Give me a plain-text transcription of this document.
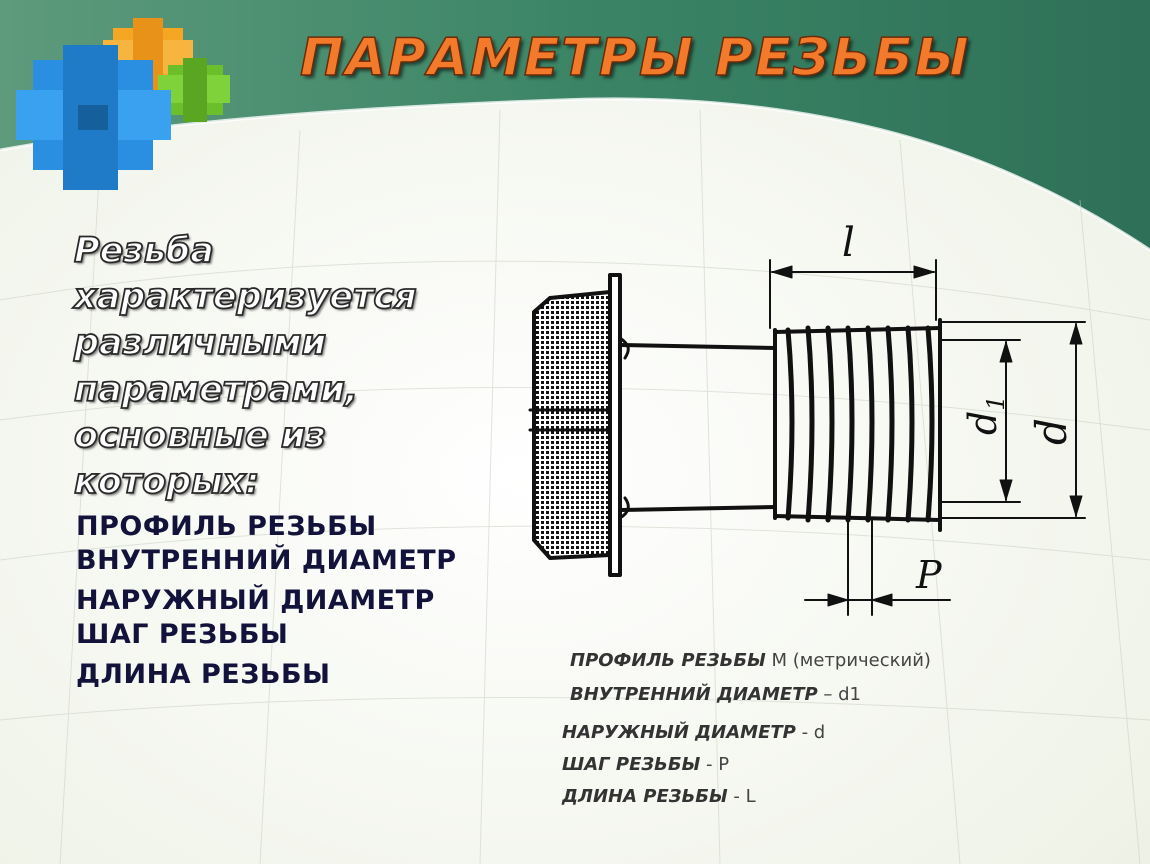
ПАРАМЕТРЫ РЕЗЬБЫ

Резьба характеризуется различными параметрами, основные из которых:

ПРОФИЛЬ РЕЗЬБЫ
ВНУТРЕННИЙ ДИАМЕТР
НАРУЖНЫЙ ДИАМЕТР
ШАГ РЕЗЬБЫ
ДЛИНА РЕЗЬБЫ
l
$d_1$
d
P
ПРОФИЛЬ РЕЗЬБЫ М (метрический)
ВНУТРЕННИЙ ДИАМЕТР – d1
НАРУЖНЫЙ ДИАМЕТР - d
ШАГ РЕЗЬБЫ - Р
ДЛИНА РЕЗЬБЫ - L
